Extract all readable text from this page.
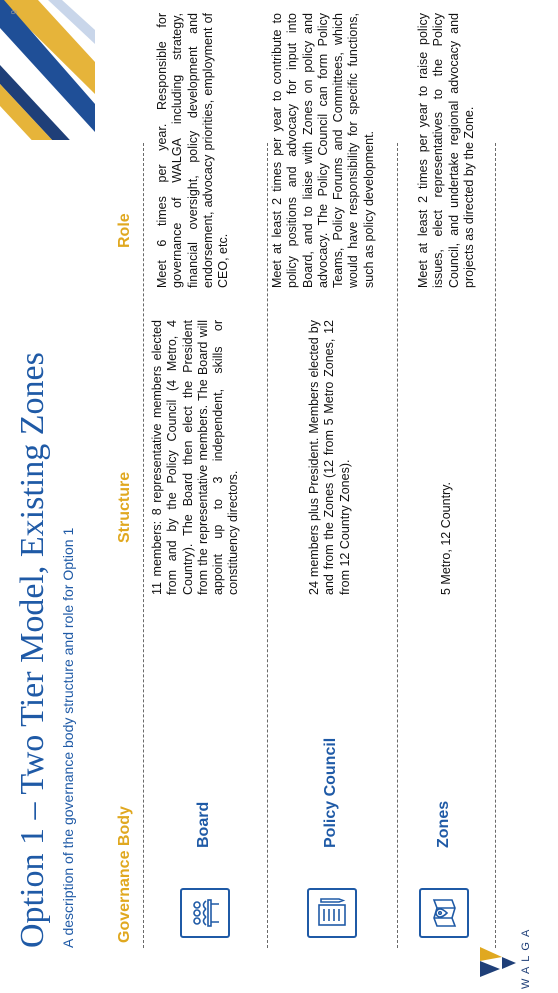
9
Option 1 – Two Tier Model, Existing Zones A description of the governance body structure and role for Option 1	Governance Body
Structure
Role
Board
11 members: 8 representative members elected from and by the Policy Council (4 Metro, 4 Country). The Board then elect the President from the representative members. The Board will appoint up to 3 independent, skills or constituency directors.
Meet 6 times per year. Responsible for governance of WALGA including strategy, financial oversight, policy development and endorsement, advocacy priorities, employment of CEO, etc.
Policy Council
24 members plus President. Members elected by and from the Zones (12 from 5 Metro Zones, 12 from 12 Country Zones).
Meet at least 2 times per year to contribute to policy positions and advocacy for input into Board, and to liaise with Zones on policy and advocacy. The Policy Council can form Policy Teams, Policy Forums and Committees, which would have responsibility for specific functions, such as policy development.
Zones
5 Metro, 12 Country.
Meet at least 2 times per year to raise policy issues, elect representatives to the Policy Council, and undertake regional advocacy and projects as directed by the Zone.
WALGA
